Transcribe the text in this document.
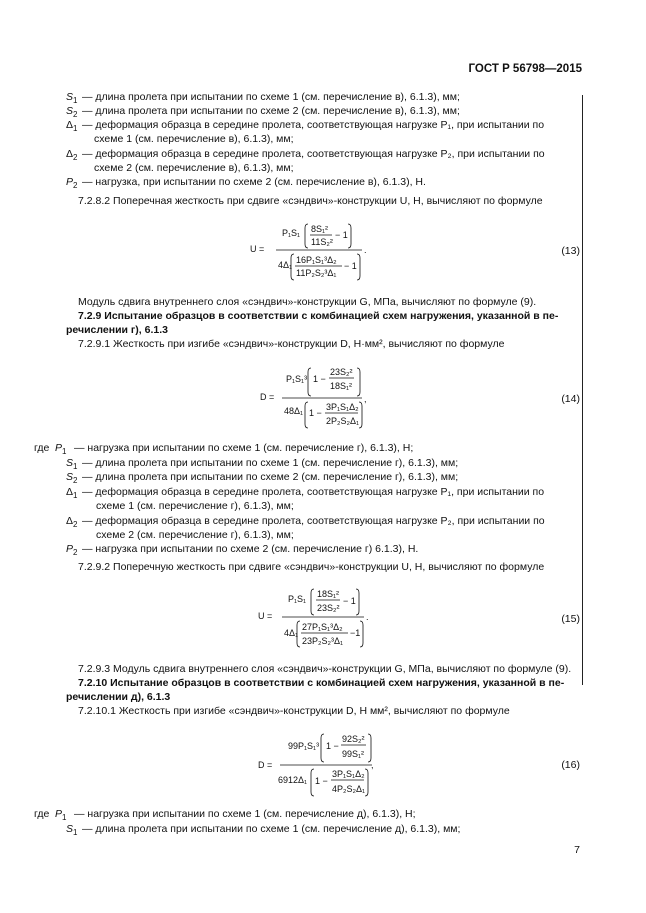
ГОСТ Р 56798—2015
$S_1$ — длина пролета при испытании по схеме 1 (см. перечисление в), 6.1.3), мм;
$S_2$ — длина пролета при испытании по схеме 2 (см. перечисление в), 6.1.3), мм;
$\Delta_1$ — деформация образца в середине пролета, соответствующая нагрузке P₁, при испытании по
схеме 1 (см. перечисление в), 6.1.3), мм;
$\Delta_2$ — деформация образца в середине пролета, соответствующая нагрузке P₂, при испытании по
схеме 2 (см. перечисление в), 6.1.3), мм;
$P_2$ — нагрузка, при испытании по схеме 2 (см. перечисление в), 6.1.3), Н.
7.2.8.2 Поперечная жесткость при сдвиге «сэндвич»-конструкции U, Н, вычисляют по формуле
U =
P₁S₁ 8S₁²
11S₂²
− 1
4Δ₁ 16P₁S₁³Δ₂
11P₂S₂³Δ₁
− 1
.	(13)
Модуль сдвига внутреннего слоя «сэндвич»-конструкции G, МПа, вычисляют по формуле (9).
7.2.9 Испытание образцов в соответствии с комбинацией схем нагружения, указанной в пе-
речислении г), 6.1.3
7.2.9.1 Жесткость при изгибе «сэндвич»-конструкции D, Н·мм², вычисляют по формуле
D =
P₁S₁³ 1 −
23S₂²
18S₁²
48Δ₁ 1 −
3P₁S₁Δ₂
2P₂S₂Δ₁
,	(14)
где $P_1$ — нагрузка при испытании по схеме 1 (см. перечисление г), 6.1.3), Н;
$S_1$ — длина пролета при испытании по схеме 1 (см. перечисление г), 6.1.3), мм;
$S_2$ — длина пролета при испытании по схеме 2 (см. перечисление г), 6.1.3), мм;
$\Delta_1$ — деформация образца в середине пролета, соответствующая нагрузке P₁, при испытании по
схеме 1 (см. перечисление г), 6.1.3), мм;
$\Delta_2$ — деформация образца в середине пролета, соответствующая нагрузке P₂, при испытании по
схеме 2 (см. перечисление г), 6.1.3), мм;
$P_2$ — нагрузка при испытании по схеме 2 (см. перечисление г) 6.1.3), Н.
7.2.9.2 Поперечную жесткость при сдвиге «сэндвич»-конструкции U, Н, вычисляют по формуле
U =
P₁S₁ 18S₁²
23S₂²
− 1
4Δ₁
27P₁S₁³Δ₂
23P₂S₂³Δ₁
−1
.	(15)
7.2.9.3 Модуль сдвига внутреннего слоя «сэндвич»-конструкции G, МПа, вычисляют по формуле (9).
7.2.10 Испытание образцов в соответствии с комбинацией схем нагружения, указанной в пе-
речислении д), 6.1.3
7.2.10.1 Жесткость при изгибе «сэндвич»-конструкции D, Н мм², вычисляют по формуле
D =
99P₁S₁³ 1 −
92S₂²
99S₁²
6912Δ₁ 1 −
3P₁S₁Δ₂
4P₂S₂Δ₁
,	(16)
где $P_1$ — нагрузка при испытании по схеме 1 (см. перечисление д), 6.1.3), Н;
$S_1$ — длина пролета при испытании по схеме 1 (см. перечисление д), 6.1.3), мм;
7
